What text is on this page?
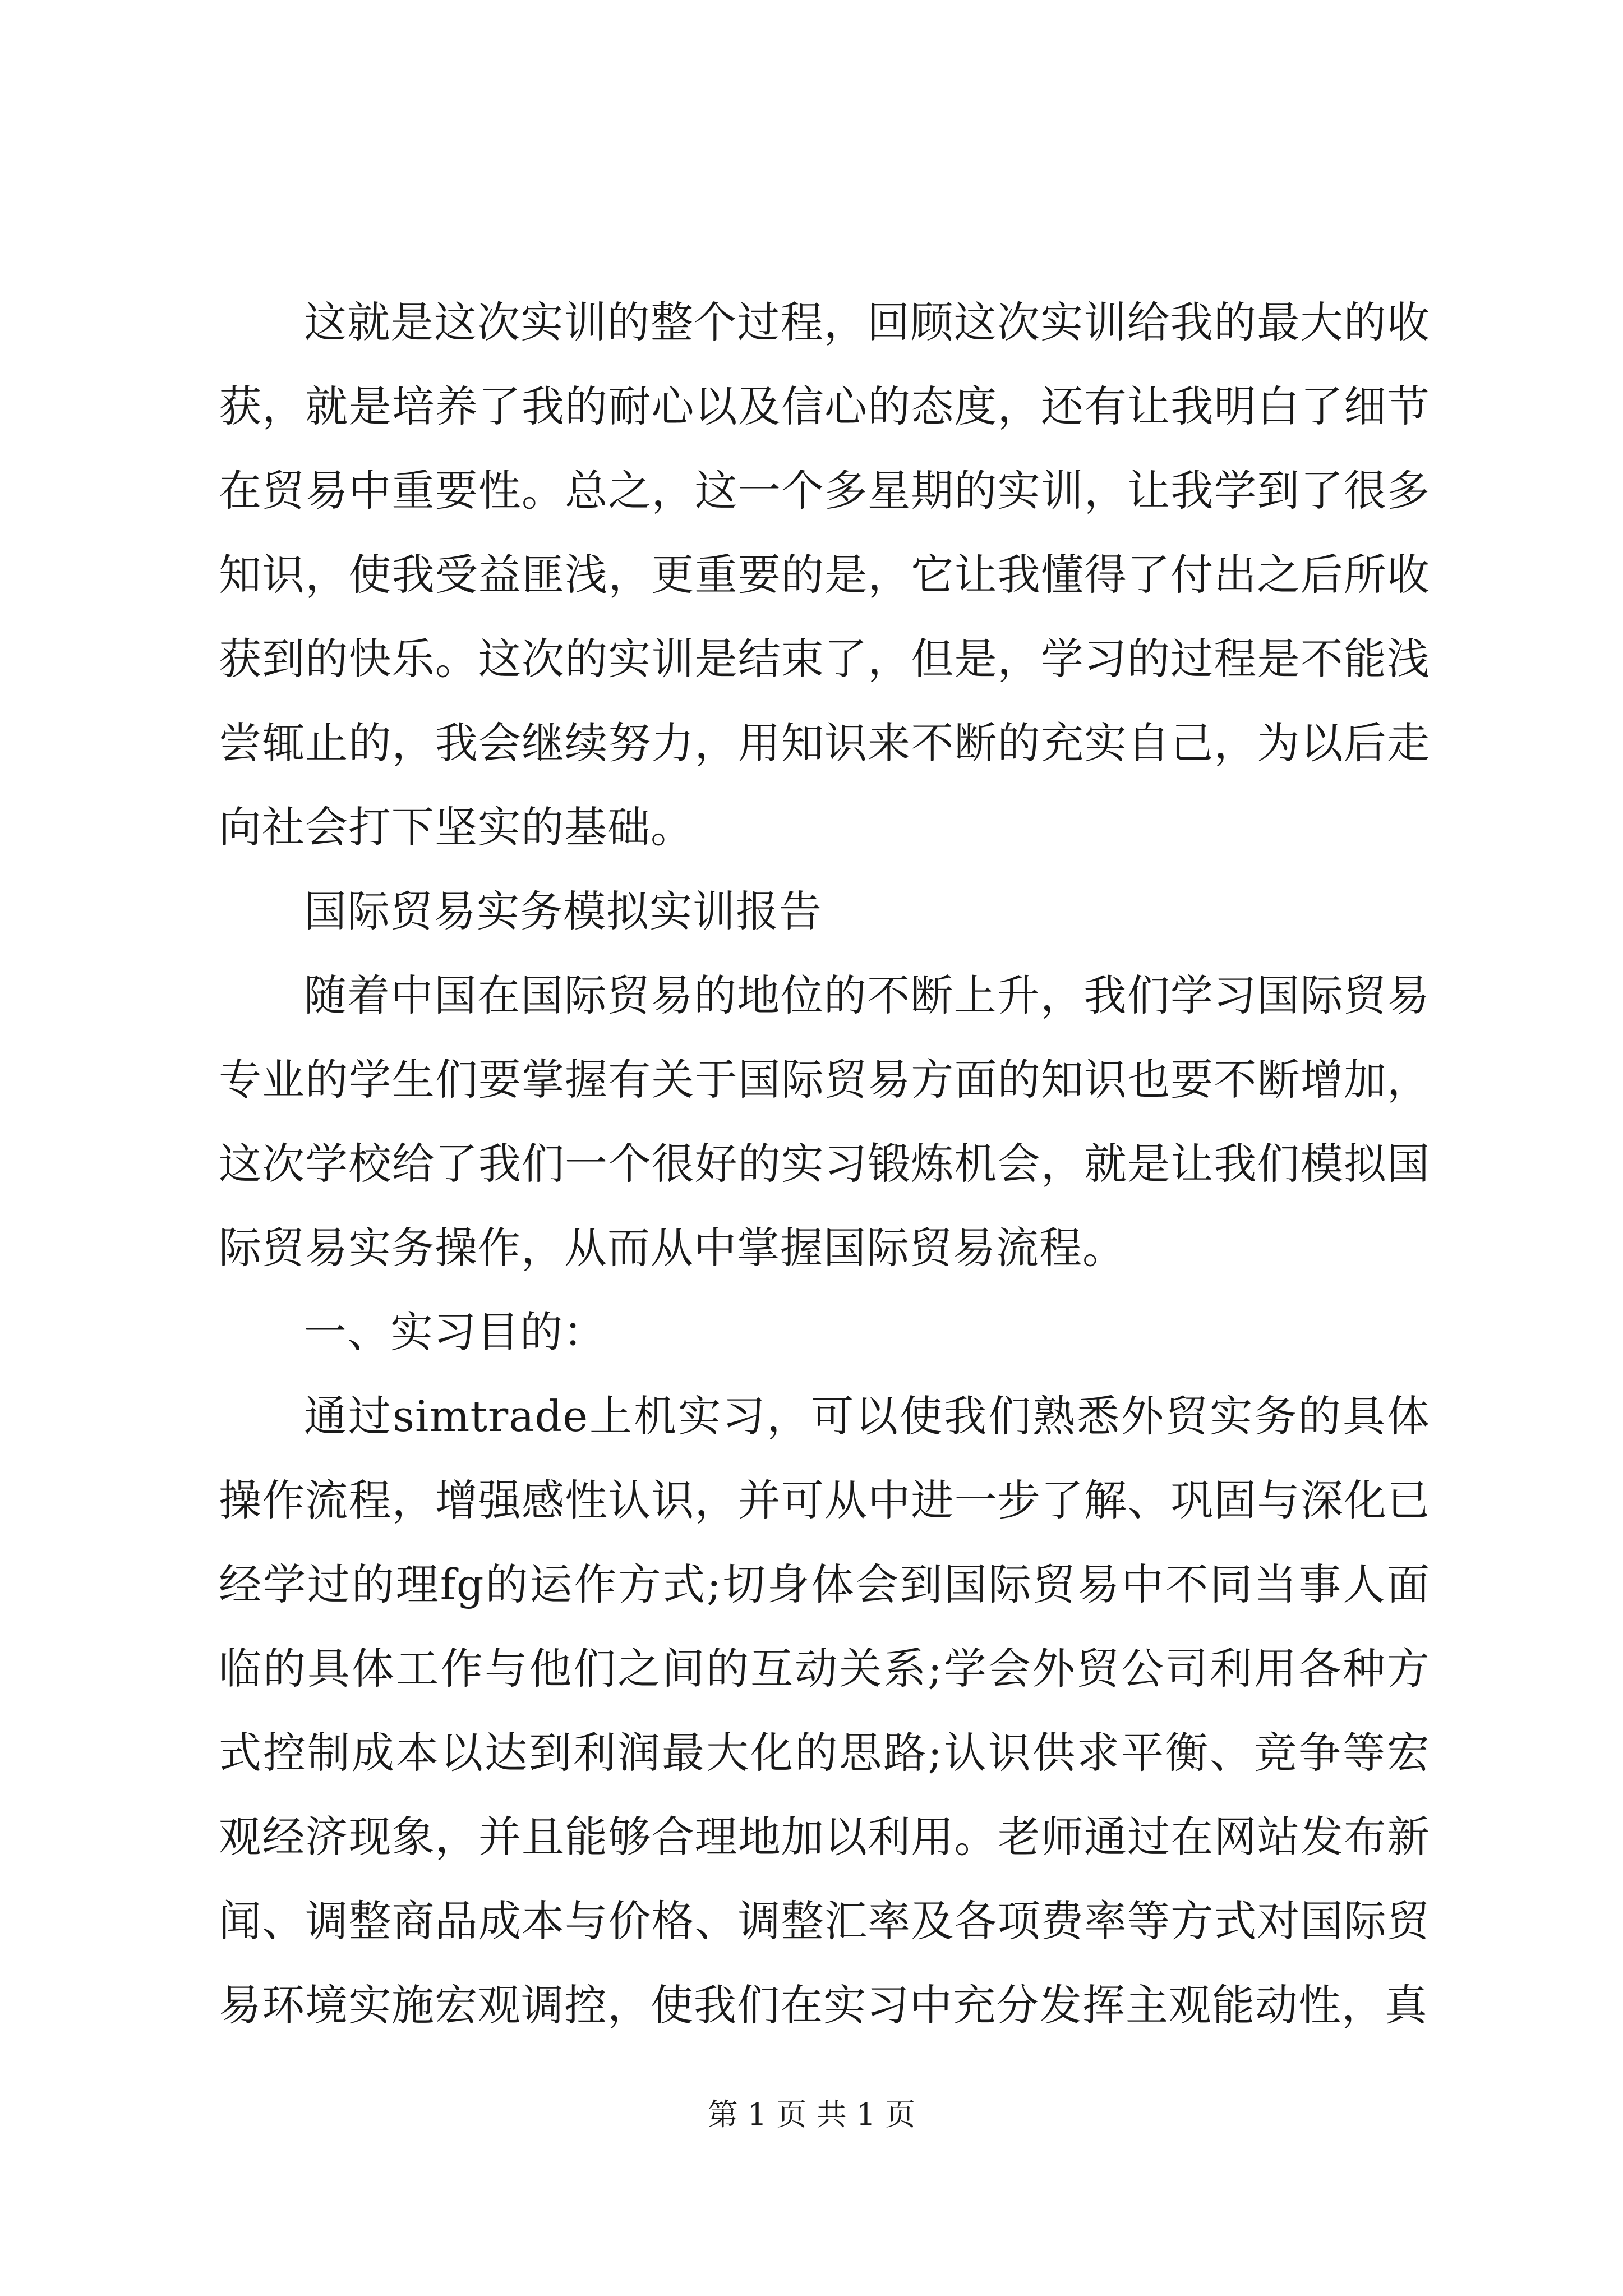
这就是这次实训的整个过程，回顾这次实训给我的最大的收获，就是培养了我的耐心以及信心的态度，还有让我明白了细节在贸易中重要性。总之，这一个多星期的实训，让我学到了很多知识，使我受益匪浅，更重要的是，它让我懂得了付出之后所收获到的快乐。这次的实训是结束了，但是，学习的过程是不能浅尝辄止的，我会继续努力，用知识来不断的充实自己，为以后走向社会打下坚实的基础。

国际贸易实务模拟实训报告

随着中国在国际贸易的地位的不断上升，我们学习国际贸易专业的学生们要掌握有关于国际贸易方面的知识也要不断增加，这次学校给了我们一个很好的实习锻炼机会，就是让我们模拟国际贸易实务操作，从而从中掌握国际贸易流程。

一、实习目的：

通过simtrade上机实习，可以使我们熟悉外贸实务的具体操作流程，增强感性认识，并可从中进一步了解、巩固与深化已经学过的理fg的运作方式;切身体会到国际贸易中不同当事人面临的具体工作与他们之间的互动关系;学会外贸公司利用各种方式控制成本以达到利润最大化的思路;认识供求平衡、竞争等宏观经济现象，并且能够合理地加以利用。老师通过在网站发布新闻、调整商品成本与价格、调整汇率及各项费率等方式对国际贸易环境实施宏观调控，使我们在实习中充分发挥主观能动性，真

第 1 页 共 1 页
